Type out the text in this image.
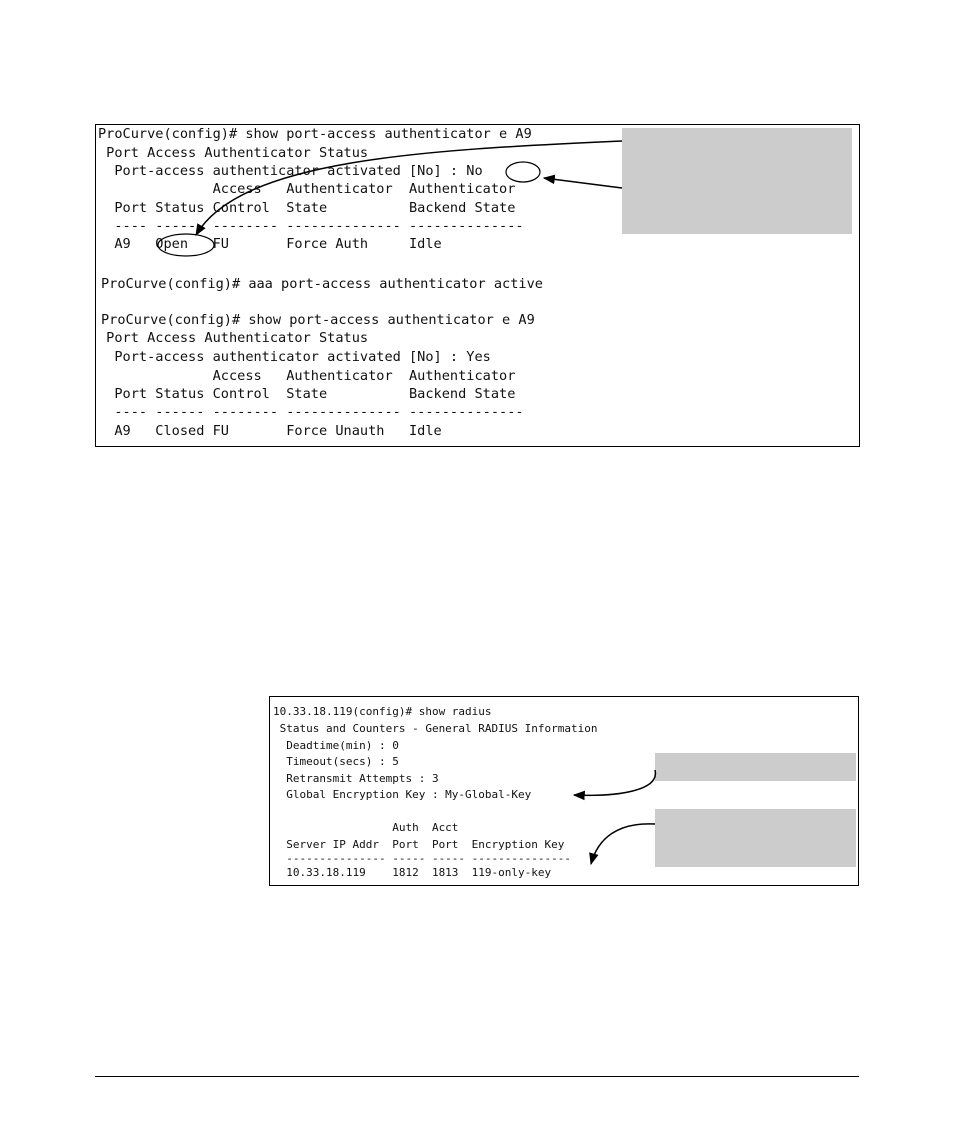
ProCurve(config)# show port-access authenticator e A9
Port Access Authenticator Status
Port-access authenticator activated [No] : No
Access   Authenticator  Authenticator
Port Status Control  State          Backend State
---- ------ -------- -------------- --------------
A9   Open   FU       Force Auth     Idle
ProCurve(config)# aaa port-access authenticator active
ProCurve(config)# show port-access authenticator e A9
Port Access Authenticator Status
Port-access authenticator activated [No] : Yes
Access   Authenticator  Authenticator
Port Status Control  State          Backend State
---- ------ -------- -------------- --------------
A9   Closed FU       Force Unauth   Idle
10.33.18.119(config)# show radius
Status and Counters - General RADIUS Information
Deadtime(min) : 0
Timeout(secs) : 5
Retransmit Attempts : 3
Global Encryption Key : My-Global-Key
Auth  Acct
Server IP Addr  Port  Port  Encryption Key
--------------- ----- ----- ---------------
10.33.18.119    1812  1813  119-only-key
